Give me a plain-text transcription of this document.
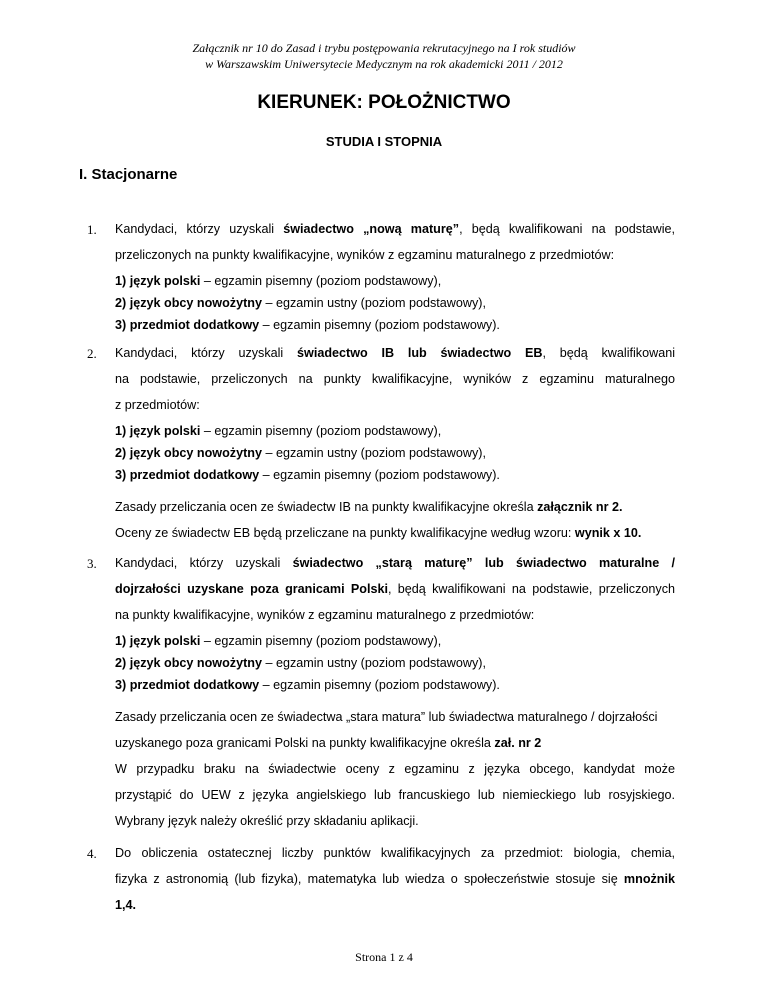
Załącznik nr 10 do Zasad i trybu postępowania rekrutacyjnego na I rok studiów
w Warszawskim Uniwersytecie Medycznym na rok akademicki 2011 / 2012
KIERUNEK: POŁOŻNICTWO
STUDIA I STOPNIA
I. Stacjonarne
1. Kandydaci, którzy uzyskali świadectwo „nową maturę”, będą kwalifikowani na podstawie,
przeliczonych na punkty kwalifikacyjne, wyników z egzaminu maturalnego z przedmiotów:
1) język polski – egzamin pisemny (poziom podstawowy),
2) język obcy nowożytny – egzamin ustny (poziom podstawowy),
3) przedmiot dodatkowy – egzamin pisemny (poziom podstawowy).
2. Kandydaci, którzy uzyskali świadectwo IB lub świadectwo EB, będą kwalifikowani
na podstawie, przeliczonych na punkty kwalifikacyjne, wyników z egzaminu maturalnego
z przedmiotów:
1) język polski – egzamin pisemny (poziom podstawowy),
2) język obcy nowożytny – egzamin ustny (poziom podstawowy),
3) przedmiot dodatkowy – egzamin pisemny (poziom podstawowy).
Zasady przeliczania ocen ze świadectw IB na punkty kwalifikacyjne określa załącznik nr 2.
Oceny ze świadectw EB będą przeliczane na punkty kwalifikacyjne według wzoru: wynik x 10.
3. Kandydaci, którzy uzyskali świadectwo „starą maturę” lub świadectwo maturalne /
dojrzałości uzyskane poza granicami Polski, będą kwalifikowani na podstawie, przeliczonych
na punkty kwalifikacyjne, wyników z egzaminu maturalnego z przedmiotów:
1) język polski – egzamin pisemny (poziom podstawowy),
2) język obcy nowożytny – egzamin ustny (poziom podstawowy),
3) przedmiot dodatkowy – egzamin pisemny (poziom podstawowy).
Zasady przeliczania ocen ze świadectwa „stara matura” lub świadectwa maturalnego / dojrzałości
uzyskanego poza granicami Polski na punkty kwalifikacyjne określa zał. nr 2
W przypadku braku na świadectwie oceny z egzaminu z języka obcego, kandydat może
przystąpić do UEW z języka angielskiego lub francuskiego lub niemieckiego lub rosyjskiego.
Wybrany język należy określić przy składaniu aplikacji.
4. Do obliczenia ostatecznej liczby punktów kwalifikacyjnych za przedmiot: biologia, chemia,
fizyka z astronomią (lub fizyka), matematyka lub wiedza o społeczeństwie stosuje się mnożnik
1,4.
Strona 1 z 4
